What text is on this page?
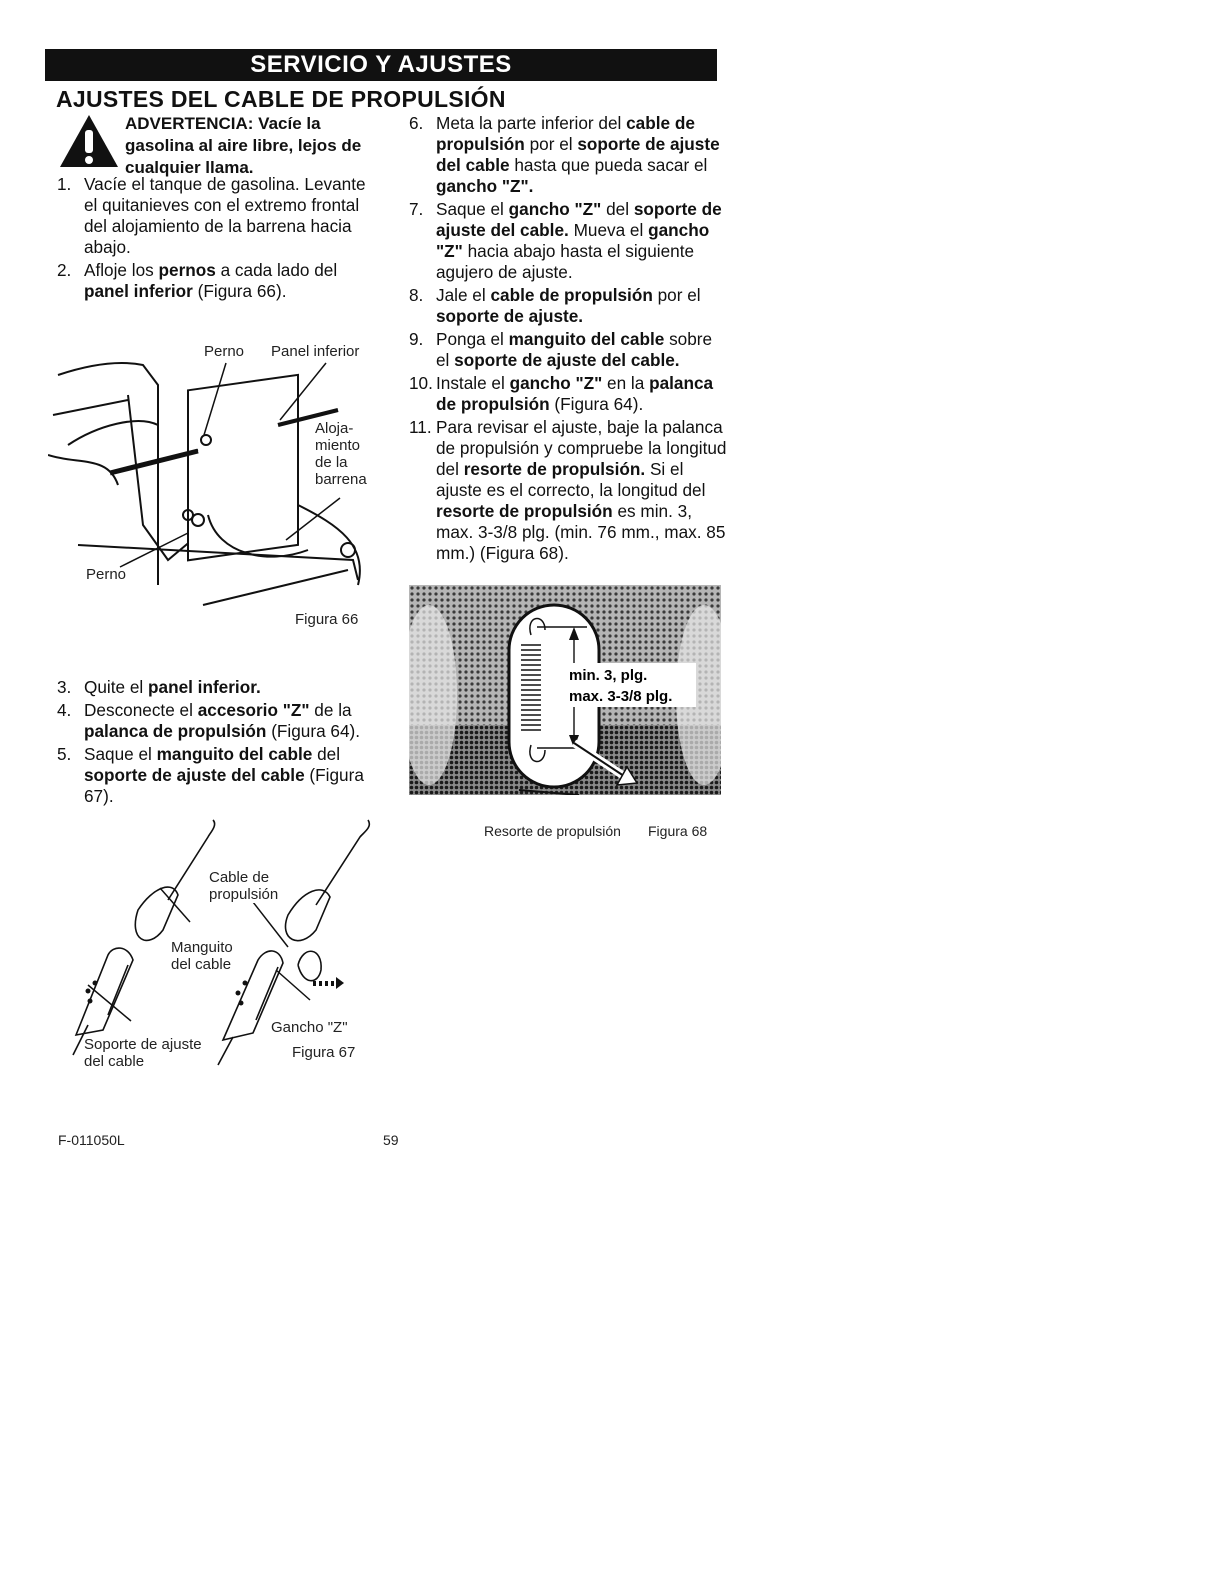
SERVICIO Y AJUSTES
AJUSTES DEL CABLE DE PROPULSIÓN
ADVERTENCIA: Vacíe la gasolina al aire libre, lejos de cualquier llama.
1. Vacíe el tanque de gasolina. Levante el quitanieves con el extremo frontal del alojamiento de la barrena hacia abajo.
2. Afloje los pernos a cada lado del panel inferior (Figura 66).
Perno Panel inferior
Aloja-
miento
de la
barrena
Perno
Figura 66
3. Quite el panel inferior.
4. Desconecte el accesorio "Z" de la palanca de propulsión (Figura 64).
5. Saque el manguito del cable del soporte de ajuste del cable (Figura 67).
Cable de
propulsión
Manguito
del cable
Gancho "Z"
Soporte de ajuste
del cable
Figura 67
6. Meta la parte inferior del cable de propulsión por el soporte de ajuste del cable hasta que pueda sacar el gancho "Z".
7. Saque el gancho "Z" del soporte de ajuste del cable. Mueva el gancho "Z" hacia abajo hasta el siguiente agujero de ajuste.
8. Jale el cable de propulsión por el soporte de ajuste.
9. Ponga el manguito del cable sobre el soporte de ajuste del cable.
10. Instale el gancho "Z" en la palanca de propulsión (Figura 64).
11. Para revisar el ajuste, baje la palanca de propulsión y compruebe la longitud del resorte de propulsión. Si el ajuste es el correcto, la longitud del resorte de propulsión es min. 3, max. 3-3/8 plg. (min. 76 mm., max. 85 mm.) (Figura 68).
min. 3, plg.
max. 3-3/8 plg.
Resorte de propulsión Figura 68
F-011050L	59
